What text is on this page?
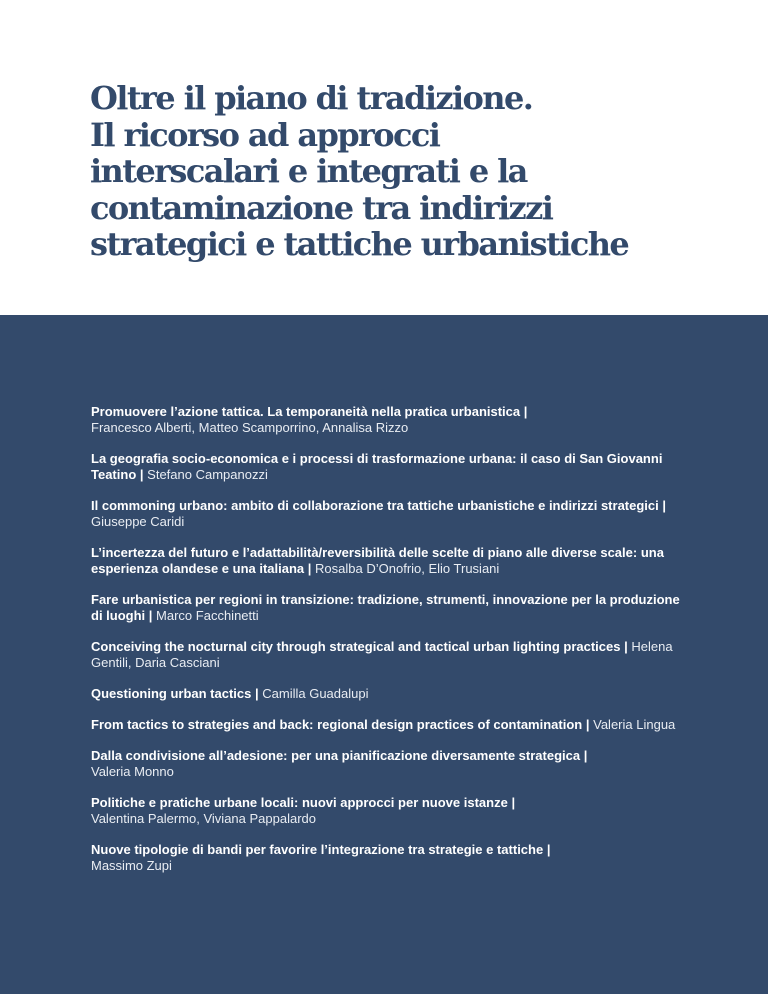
Oltre il piano di tradizione.
Il ricorso ad approcci
interscalari e integrati e la
contaminazione tra indirizzi
strategici e tattiche urbanistiche
Promuovere l’azione tattica. La temporaneità nella pratica urbanistica |
Francesco Alberti, Matteo Scamporrino, Annalisa Rizzo
La geografia socio-economica e i processi di trasformazione urbana: il caso di San Giovanni Teatino | Stefano Campanozzi
Il commoning urbano: ambito di collaborazione tra tattiche urbanistiche e indirizzi strategici | Giuseppe Caridi
L’incertezza del futuro e l’adattabilità/reversibilità delle scelte di piano alle diverse scale: una esperienza olandese e una italiana | Rosalba D’Onofrio, Elio Trusiani
Fare urbanistica per regioni in transizione: tradizione, strumenti, innovazione per la produzione di luoghi | Marco Facchinetti
Conceiving the nocturnal city through strategical and tactical urban lighting practices | Helena Gentili, Daria Casciani
Questioning urban tactics | Camilla Guadalupi
From tactics to strategies and back: regional design practices of contamination | Valeria Lingua
Dalla condivisione all’adesione: per una pianificazione diversamente strategica |
Valeria Monno
Politiche e pratiche urbane locali: nuovi approcci per nuove istanze |
Valentina Palermo, Viviana Pappalardo
Nuove tipologie di bandi per favorire l’integrazione tra strategie e tattiche |
Massimo Zupi
